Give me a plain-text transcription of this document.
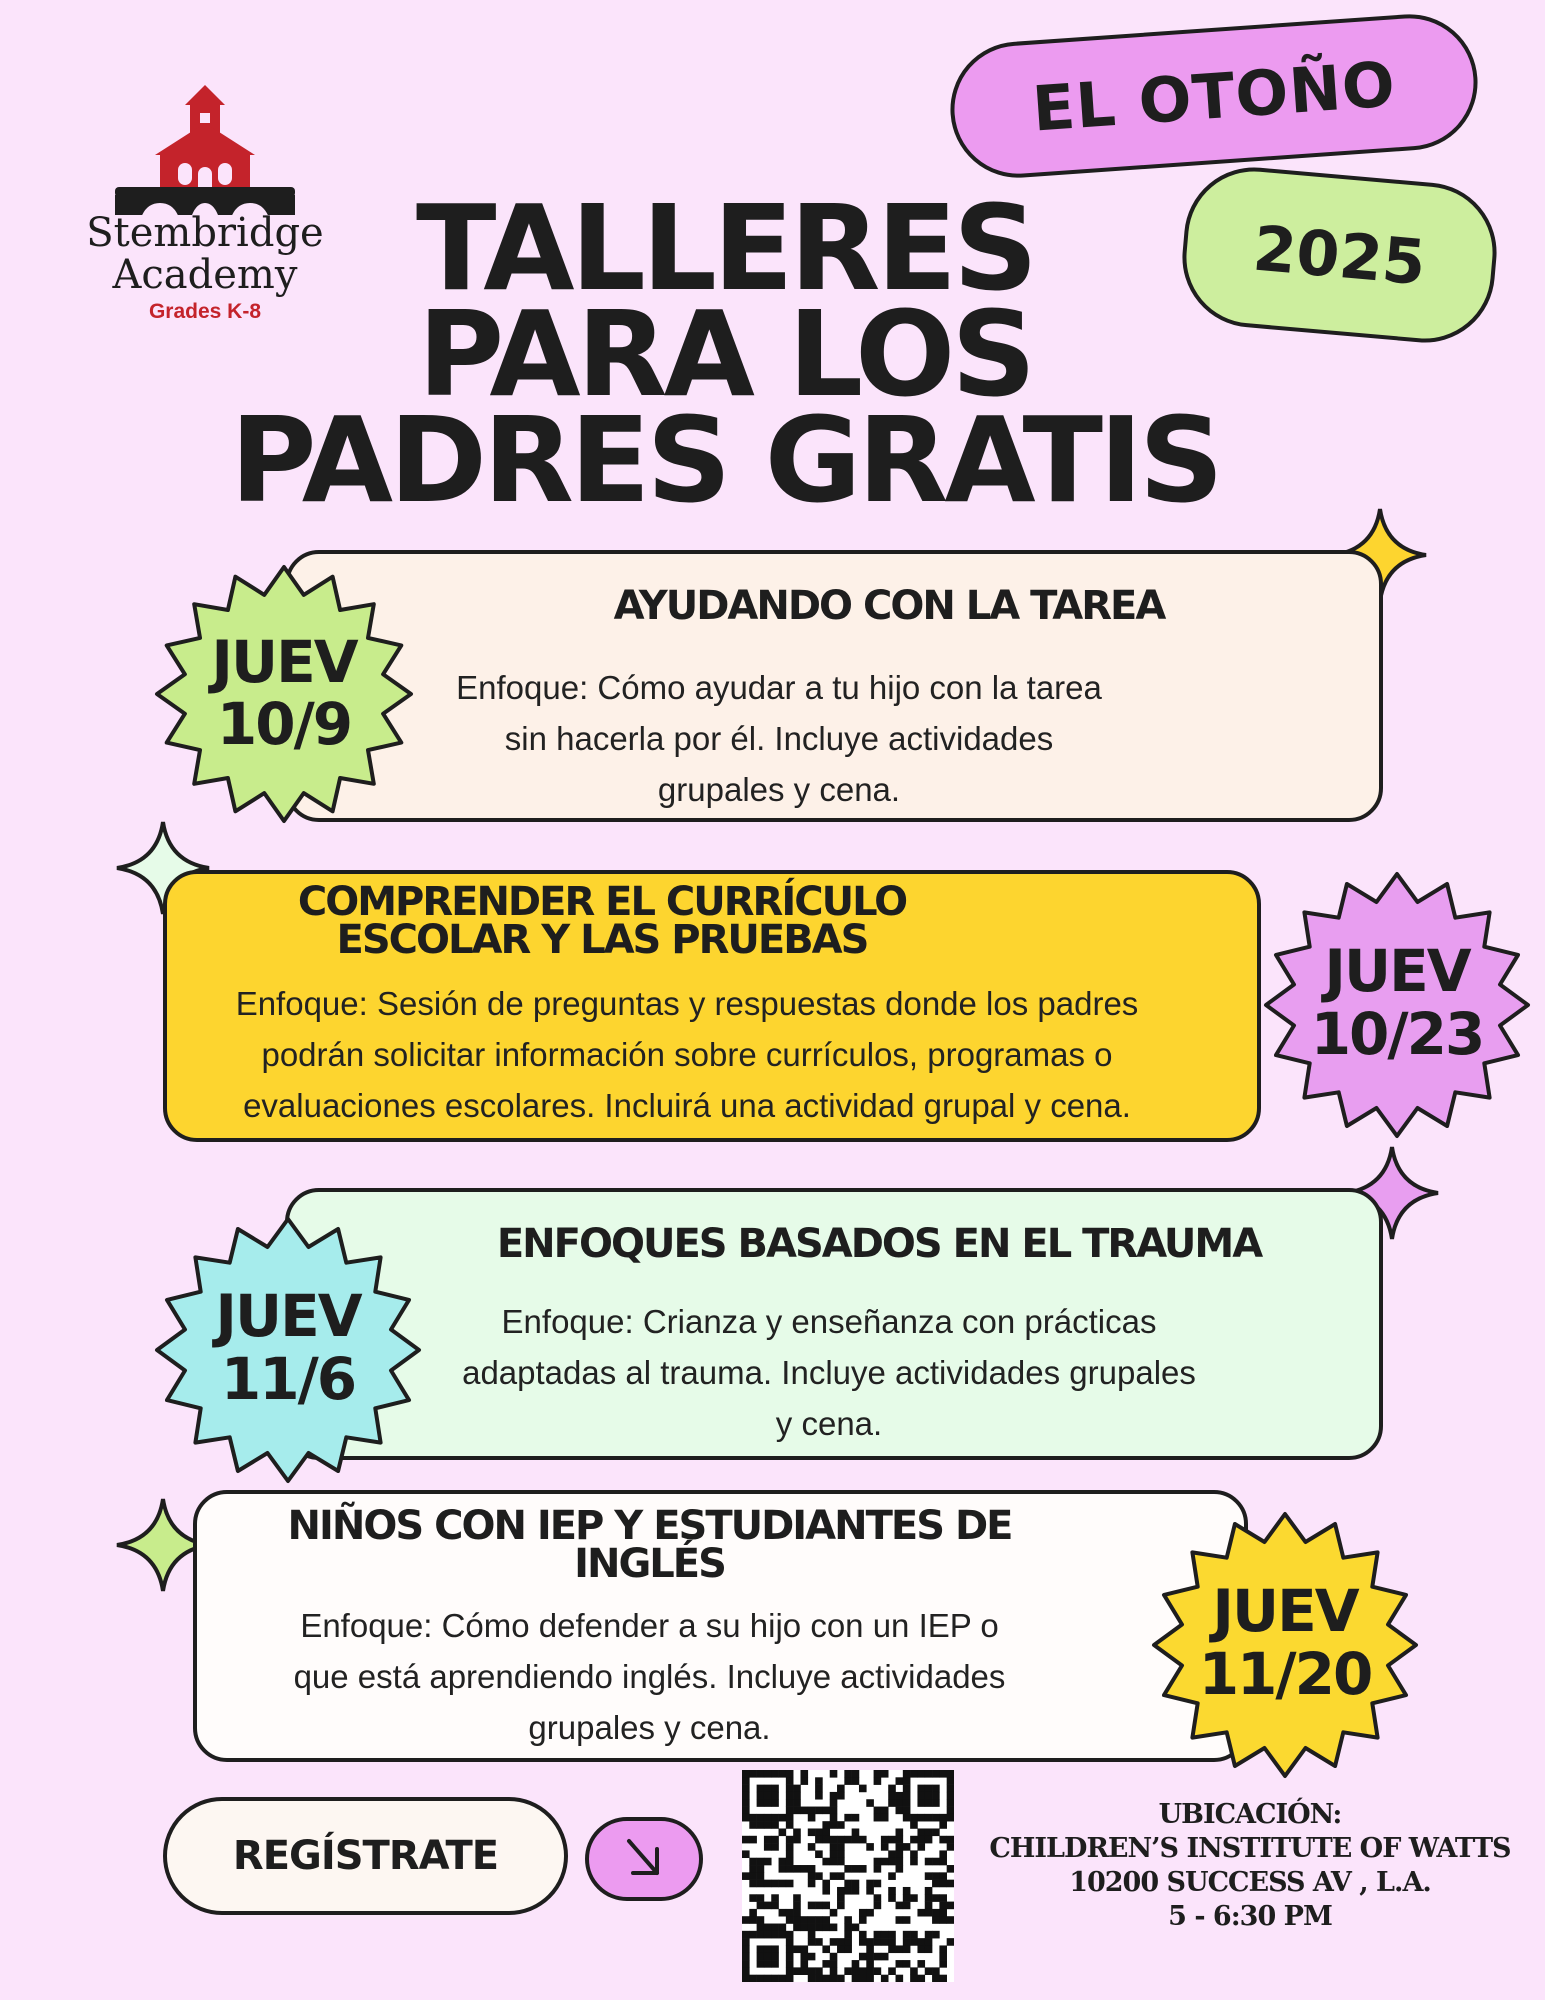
Stembridge
Academy
Grades K-8
EL OTOÑO
2025
TALLERES
PARA LOS
PADRES GRATIS
AYUDANDO CON LA TAREA
Enfoque: Cómo ayudar a tu hijo con la tarea
sin hacerla por él. Incluye actividades
grupales y cena.
JUEV
10/9
COMPRENDER EL CURRÍCULO
ESCOLAR Y LAS PRUEBAS
Enfoque: Sesión de preguntas y respuestas donde los padres
podrán solicitar información sobre currículos, programas o
evaluaciones escolares. Incluirá una actividad grupal y cena.
JUEV
10/23
ENFOQUES BASADOS EN EL TRAUMA
Enfoque: Crianza y enseñanza con prácticas
adaptadas al trauma. Incluye actividades grupales
y cena.
JUEV
11/6
NIÑOS CON IEP Y ESTUDIANTES DE
INGLÉS
Enfoque: Cómo defender a su hijo con un IEP o
que está aprendiendo inglés. Incluye actividades
grupales y cena.
JUEV
11/20
REGÍSTRATE
UBICACIÓN:
CHILDREN’S INSTITUTE OF WATTS
10200 SUCCESS AV , L.A.
5 - 6:30 PM
